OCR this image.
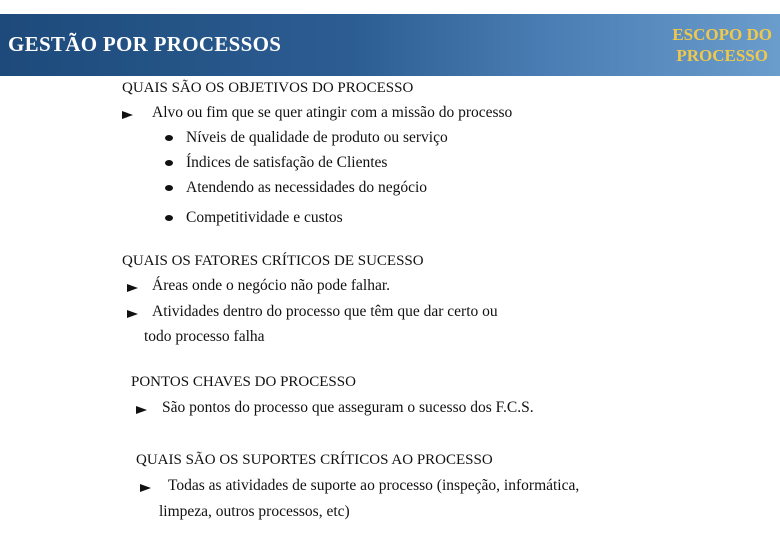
GESTÃO POR PROCESSOS	ESCOPO DO
PROCESSO
QUAIS SÃO OS OBJETIVOS DO PROCESSO
Alvo ou fim que se quer atingir com a missão do processo
Níveis de qualidade de produto ou serviço
Índices de satisfação de Clientes
Atendendo as necessidades do negócio
Competitividade e custos
QUAIS OS FATORES CRÍTICOS DE SUCESSO
Áreas onde o negócio não pode falhar.
Atividades dentro do processo que têm que dar certo ou
todo processo falha
PONTOS CHAVES DO PROCESSO
São pontos do processo que asseguram o sucesso dos F.C.S.
QUAIS SÃO OS SUPORTES CRÍTICOS AO PROCESSO
Todas as atividades de suporte ao processo (inspeção, informática,
limpeza, outros processos, etc)
